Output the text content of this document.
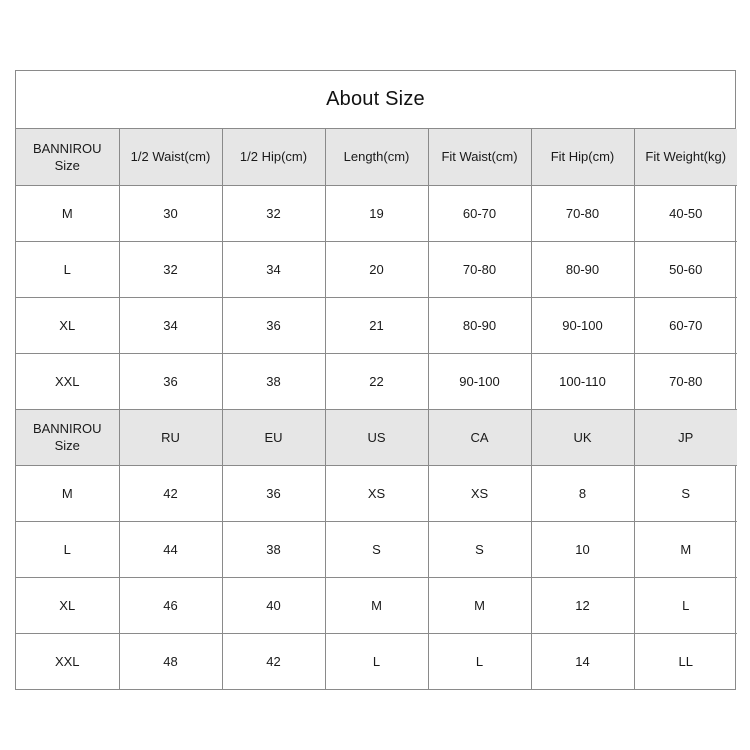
About Size
BANNIROU
Size	1/2 Waist(cm)	1/2 Hip(cm)	Length(cm)	Fit Waist(cm)	Fit Hip(cm)	Fit Weight(kg)
M	30	32	19	60-70	70-80	40-50
L	32	34	20	70-80	80-90	50-60
XL	34	36	21	80-90	90-100	60-70
XXL	36	38	22	90-100	100-110	70-80

BANNIROU
Size	RU	EU	US	CA	UK	JP
M	42	36	XS	XS	8	S
L	44	38	S	S	10	M
XL	46	40	M	M	12	L
XXL	48	42	L	L	14	LL
